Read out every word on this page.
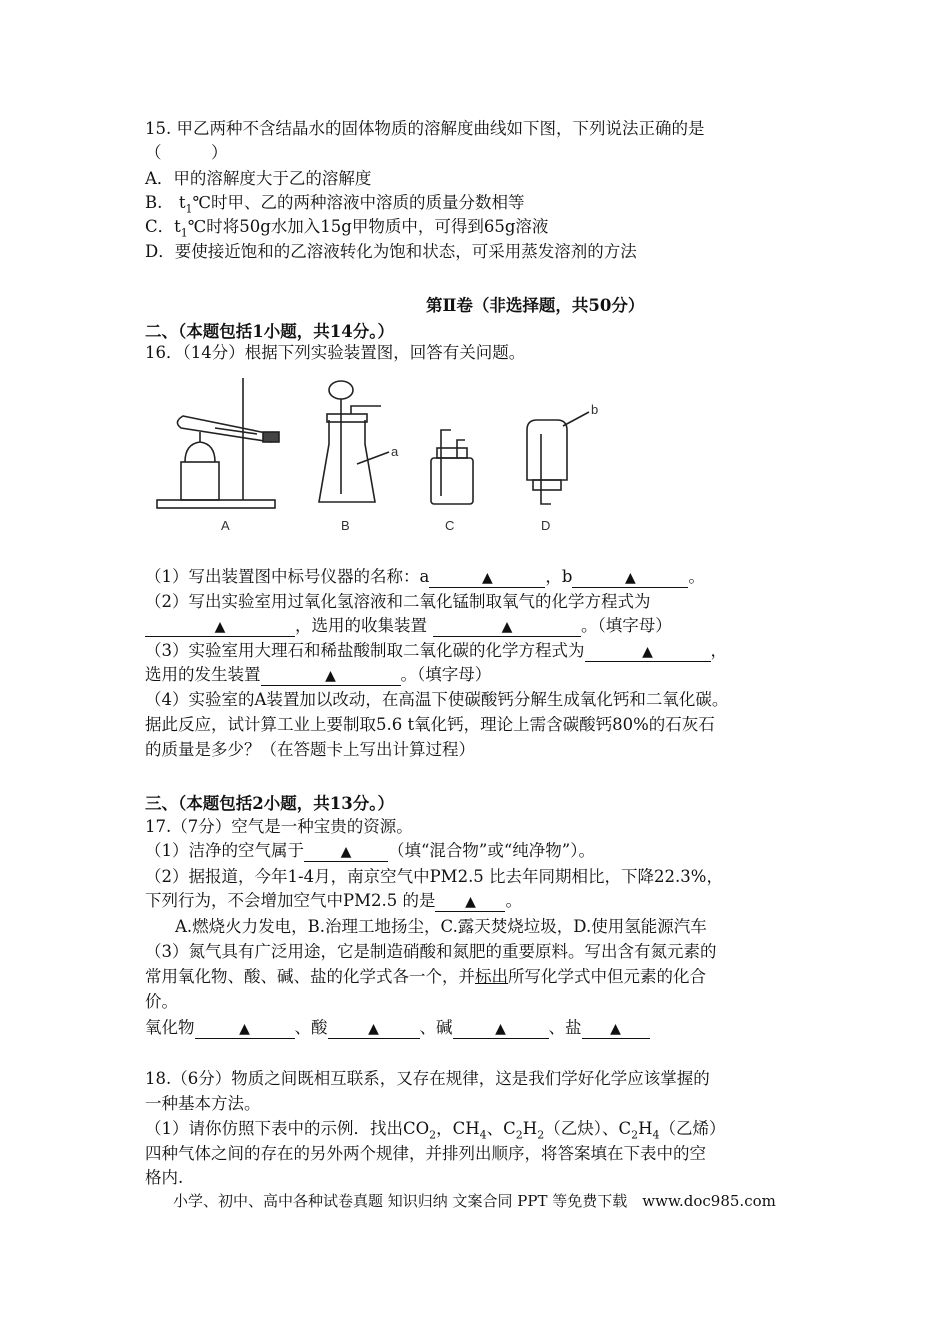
15. 甲乙两种不含结晶水的固体物质的溶解度曲线如下图，下列说法正确的是
（　　　）
A．甲的溶解度大于乙的溶解度
B.　$t_1℃$时甲、乙的两种溶液中溶质的质量分数相等
C．$t_1℃$时将50g水加入15g甲物质中，可得到65g溶液
D．要使接近饱和的乙溶液转化为饱和状态，可采用蒸发溶剂的方法
第Ⅱ卷（非选择题，共50分）
二、（本题包括1小题，共14分。）
16．（14分）根据下列实验装置图，回答有关问题。
A
a
B	C
b
D
（1）写出装置图中标号仪器的名称：a	▲	，b	▲	。
（2）写出实验室用过氧化氢溶液和二氧化锰制取氧气的化学方程式为
▲	，选用的收集装置	▲	。（填字母）
（3）实验室用大理石和稀盐酸制取二氧化碳的化学方程式为	▲	，
选用的发生装置	▲	。（填字母）
（4）实验室的A装置加以改动，在高温下使碳酸钙分解生成氧化钙和二氧化碳。
据此反应，试计算工业上要制取5.6 t氧化钙，理论上需含碳酸钙80%的石灰石
的质量是多少？（在答题卡上写出计算过程）
三、（本题包括2小题，共13分。）
17.（7分）空气是一种宝贵的资源。
（1）洁净的空气属于	▲ （填“混合物”或“纯净物”）。
（2）据报道，今年1-4月，南京空气中PM2.5 比去年同期相比，下降22.3%，
下列行为，不会增加空气中PM2.5 的是 ▲ 。
A.燃烧火力发电，B.治理工地扬尘，C.露天焚烧垃圾，D.使用氢能源汽车
（3）氮气具有广泛用途，它是制造硝酸和氮肥的重要原料。写出含有氮元素的
常用氧化物、酸、碱、盐的化学式各一个，并标出所写化学式中但元素的化合
价。
氧化物	▲	、酸	▲ 、碱	▲	、盐 ▲
18.（6分）物质之间既相互联系，又存在规律，这是我们学好化学应该掌握的
一种基本方法。
（1）请你仿照下表中的示例．找出$CO_2$，$CH_4$、$C_2H_2$（乙炔）、$C_2H_4$（乙烯）
四种气体之间的存在的另外两个规律，并排列出顺序，将答案填在下表中的空
格内.
小学、初中、高中各种试卷真题 知识归纳 文案合同 PPT 等免费下载　www.doc985.com
